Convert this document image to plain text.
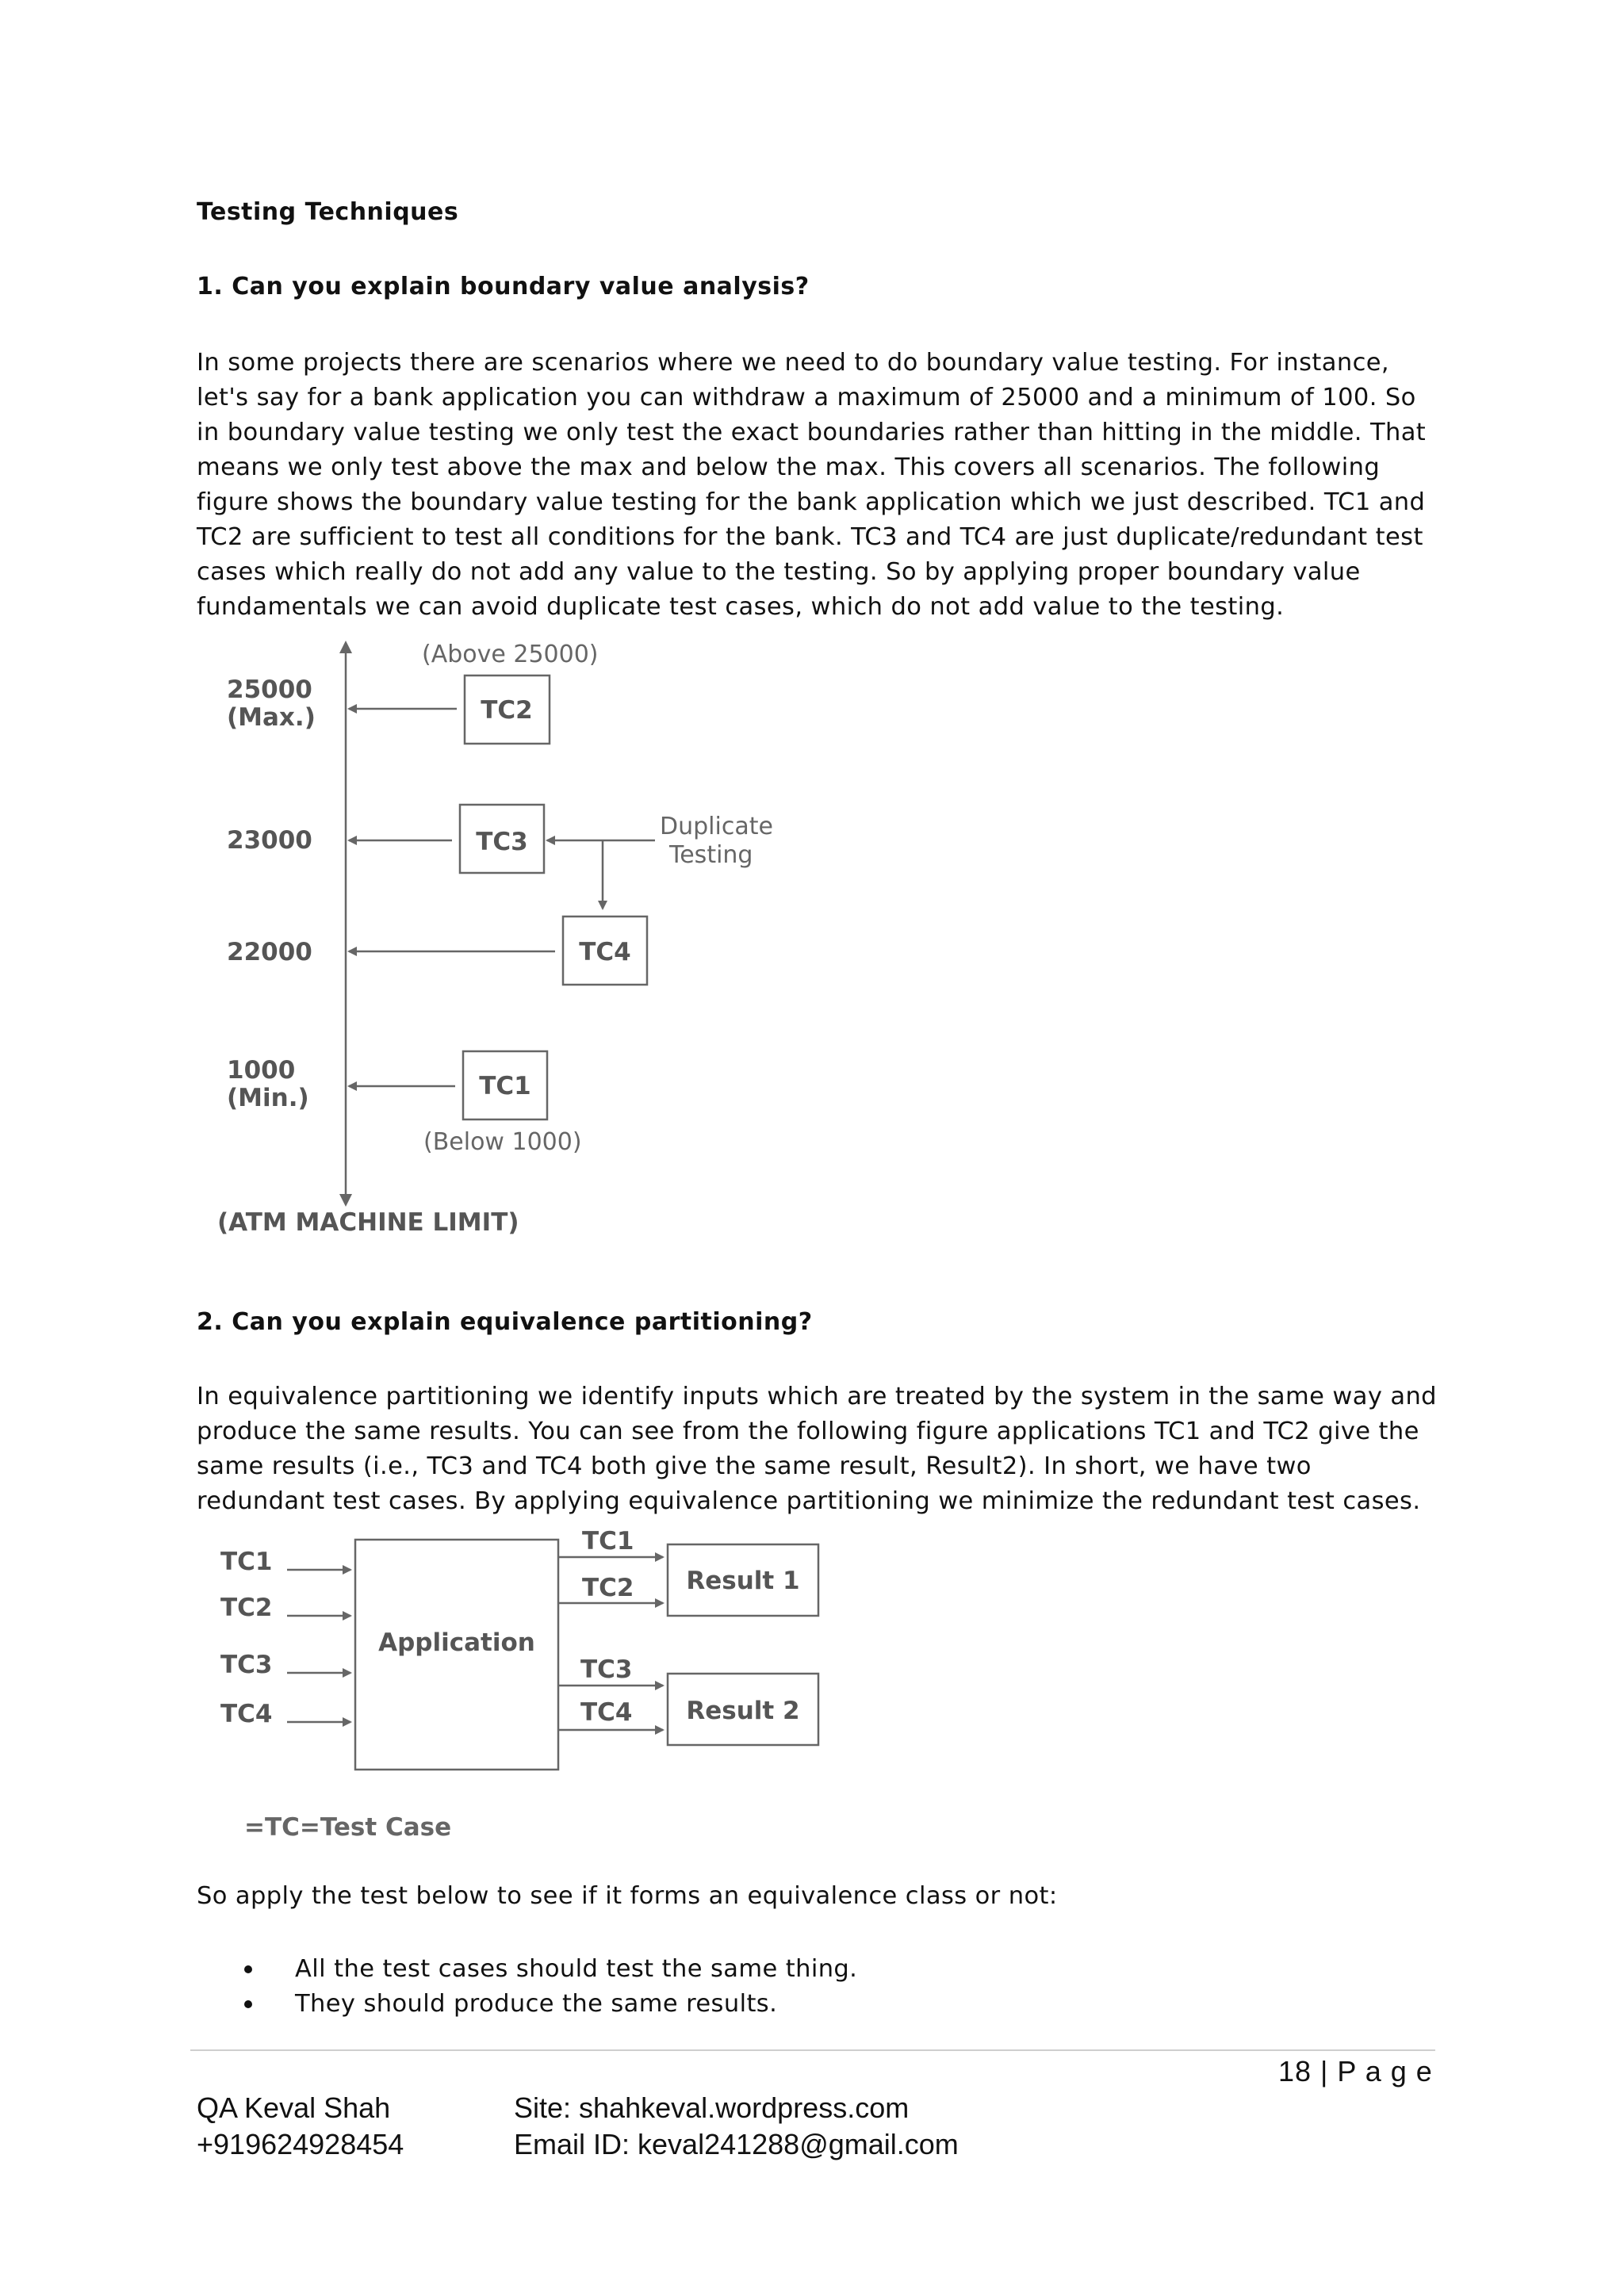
Testing Techniques
1. Can you explain boundary value analysis?

In some projects there are scenarios where we need to do boundary value testing. For instance, let's say for a bank application you can withdraw a maximum of 25000 and a minimum of 100. So in boundary value testing we only test the exact boundaries rather than hitting in the middle. That means we only test above the max and below the max. This covers all scenarios. The following figure shows the boundary value testing for the bank application which we just described. TC1 and TC2 are sufficient to test all conditions for the bank. TC3 and TC4 are just duplicate/redundant test cases which really do not add any value to the testing. So by applying proper boundary value fundamentals we can avoid duplicate test cases, which do not add value to the testing.

25000
(Max.)
23000
22000
1000
(Min.)
(Above 25000)
TC2
TC3
Duplicate
Testing
TC4
TC1
(Below 1000)
(ATM MACHINE LIMIT)
2. Can you explain equivalence partitioning?

In equivalence partitioning we identify inputs which are treated by the system in the same way and produce the same results. You can see from the following figure applications TC1 and TC2 give the same results (i.e., TC3 and TC4 both give the same result, Result2). In short, we have two redundant test cases. By applying equivalence partitioning we minimize the redundant test cases.

TC1
TC2
TC3
TC4
Application
TC1
TC2 Result 1
TC3
TC4 Result 2
=TC=Test Case

So apply the test below to see if it forms an equivalence class or not:

All the test cases should test the same thing.
They should produce the same results.
18 | P a g e
QA Keval Shah
+919624928454
Site: shahkeval.wordpress.com
Email ID: keval241288@gmail.com
